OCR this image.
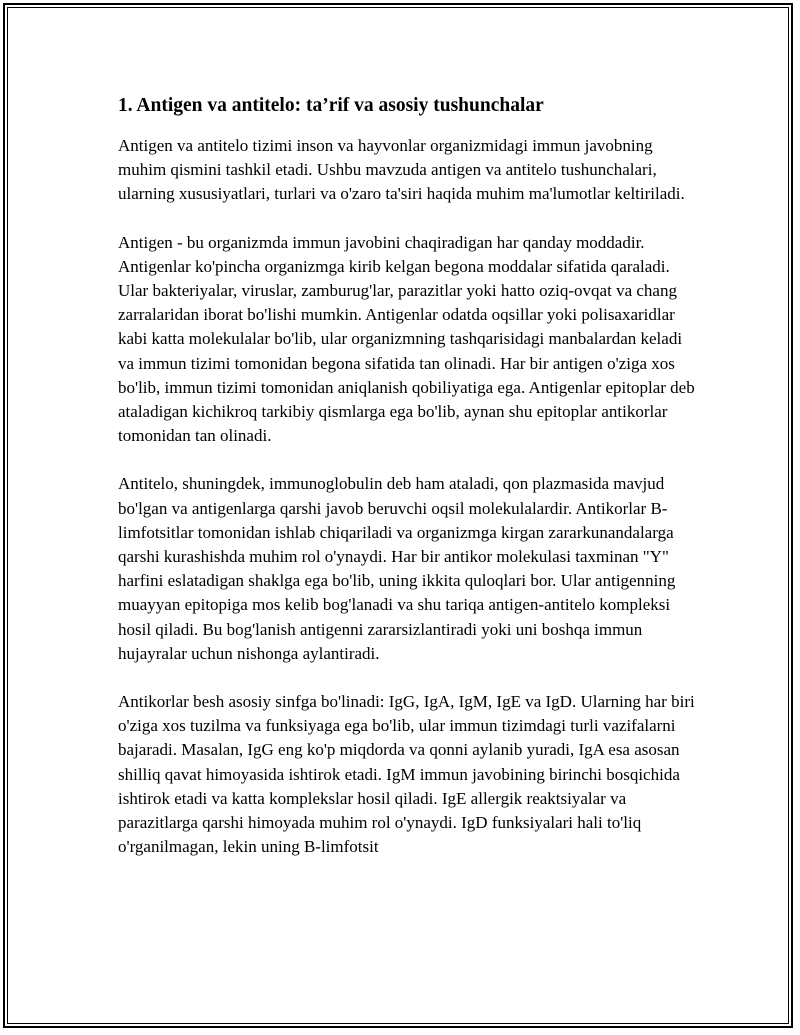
1. Antigen va antitelo: ta’rif va asosiy tushunchalar

Antigen va antitelo tizimi inson va hayvonlar organizmidagi immun javobning muhim qismini tashkil etadi. Ushbu mavzuda antigen va antitelo tushunchalari, ularning xususiyatlari, turlari va o'zaro ta'siri haqida muhim ma'lumotlar keltiriladi.

Antigen - bu organizmda immun javobini chaqiradigan har qanday moddadir. Antigenlar ko'pincha organizmga kirib kelgan begona moddalar sifatida qaraladi. Ular bakteriyalar, viruslar, zamburug'lar, parazitlar yoki hatto oziq-ovqat va chang zarralaridan iborat bo'lishi mumkin. Antigenlar odatda oqsillar yoki polisaxaridlar kabi katta molekulalar bo'lib, ular organizmning tashqarisidagi manbalardan keladi va immun tizimi tomonidan begona sifatida tan olinadi. Har bir antigen o'ziga xos bo'lib, immun tizimi tomonidan aniqlanish qobiliyatiga ega. Antigenlar epitoplar deb ataladigan kichikroq tarkibiy qismlarga ega bo'lib, aynan shu epitoplar antikorlar tomonidan tan olinadi.

Antitelo, shuningdek, immunoglobulin deb ham ataladi, qon plazmasida mavjud bo'lgan va antigenlarga qarshi javob beruvchi oqsil molekulalardir. Antikorlar B-limfotsitlar tomonidan ishlab chiqariladi va organizmga kirgan zararkunandalarga qarshi kurashishda muhim rol o'ynaydi. Har bir antikor molekulasi taxminan "Y" harfini eslatadigan shaklga ega bo'lib, uning ikkita quloqlari bor. Ular antigenning muayyan epitopiga mos kelib bog'lanadi va shu tariqa antigen-antitelo kompleksi hosil qiladi. Bu bog'lanish antigenni zararsizlantiradi yoki uni boshqa immun hujayralar uchun nishonga aylantiradi.

Antikorlar besh asosiy sinfga bo'linadi: IgG, IgA, IgM, IgE va IgD. Ularning har biri o'ziga xos tuzilma va funksiyaga ega bo'lib, ular immun tizimdagi turli vazifalarni bajaradi. Masalan, IgG eng ko'p miqdorda va qonni aylanib yuradi, IgA esa asosan shilliq qavat himoyasida ishtirok etadi. IgM immun javobining birinchi bosqichida ishtirok etadi va katta komplekslar hosil qiladi. IgE allergik reaktsiyalar va parazitlarga qarshi himoyada muhim rol o'ynaydi. IgD funksiyalari hali to'liq o'rganilmagan, lekin uning B-limfotsit
